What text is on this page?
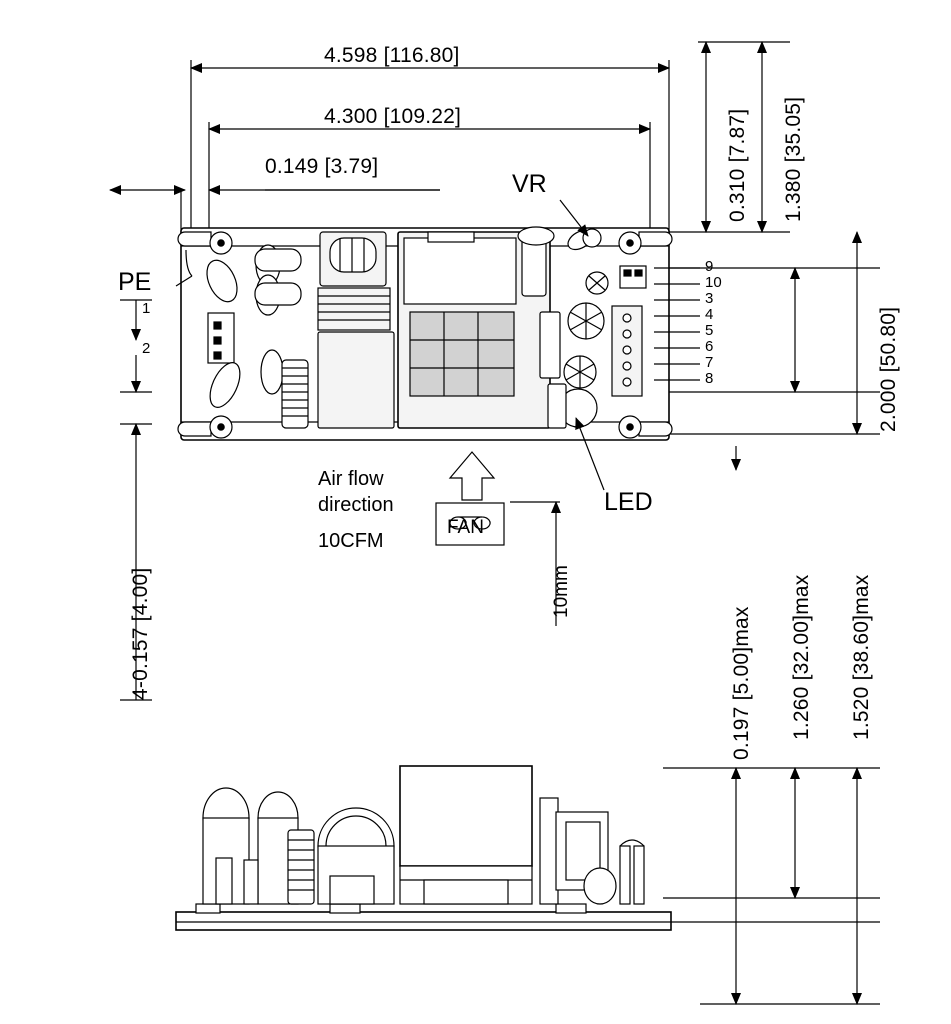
4.598 [116.80]
4.300 [109.22]
0.149 [3.79]	0.310 [7.87] 1.380 [35.05]
2.000 [50.80]
4-0.157 [4.00]
PE
VR
LED
1
2
9
10
3
4
5
6
7
8
Air flow
direction
10CFM
FAN
10mm
0.197 [5.00]max 1.260 [32.00]max 1.520 [38.60]max
